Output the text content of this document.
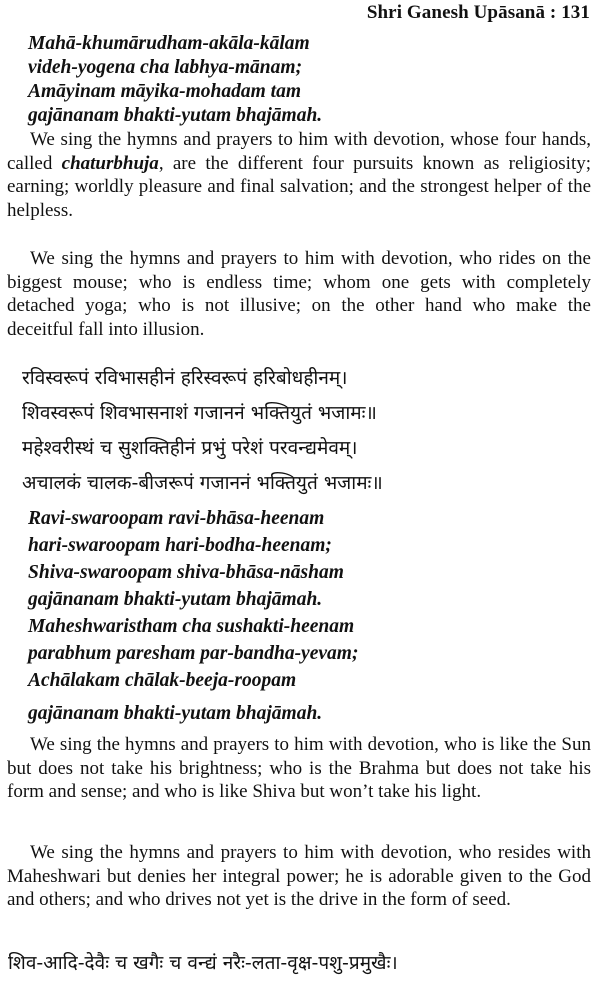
Shri Ganesh Upāsanā : 131
Mahā-khumārudham-akāla-kālam
videh-yogena cha labhya-mānam;
Amāyinam māyika-mohadam tam
gajānanam bhakti-yutam bhajāmah.

We sing the hymns and prayers to him with devotion, whose four hands, called chaturbhuja, are the different four pursuits known as religiosity; earning; worldly pleasure and final salvation; and the strongest helper of the helpless.

We sing the hymns and prayers to him with devotion, who rides on the biggest mouse; who is endless time; whom one gets with completely detached yoga; who is not illusive; on the other hand who make the deceitful fall into illusion.

रविस्वरूपं रविभासहीनं हरिस्वरूपं हरिबोधहीनम्।
शिवस्वरूपं शिवभासनाशं गजाननं भक्तियुतं भजामः॥
महेश्वरीस्थं च सुशक्तिहीनं प्रभुं परेशं परवन्द्यमेवम्।
अचालकं चालक-बीजरूपं गजाननं भक्तियुतं भजामः॥
Ravi-swaroopam ravi-bhāsa-heenam
hari-swaroopam hari-bodha-heenam;
Shiva-swaroopam shiva-bhāsa-nāsham
gajānanam bhakti-yutam bhajāmah.
Maheshwaristham cha sushakti-heenam
parabhum paresham par-bandha-yevam;
Achālakam chālak-beeja-roopam
gajānanam bhakti-yutam bhajāmah.

We sing the hymns and prayers to him with devotion, who is like the Sun but does not take his brightness; who is the Brahma but does not take his form and sense; and who is like Shiva but won’t take his light.

We sing the hymns and prayers to him with devotion, who resides with Maheshwari but denies her integral power; he is adorable given to the God and others; and who drives not yet is the drive in the form of seed.

शिव-आदि-देवैः च खगैः च वन्द्यं नरैः-लता-वृक्ष-पशु-प्रमुखैः।
